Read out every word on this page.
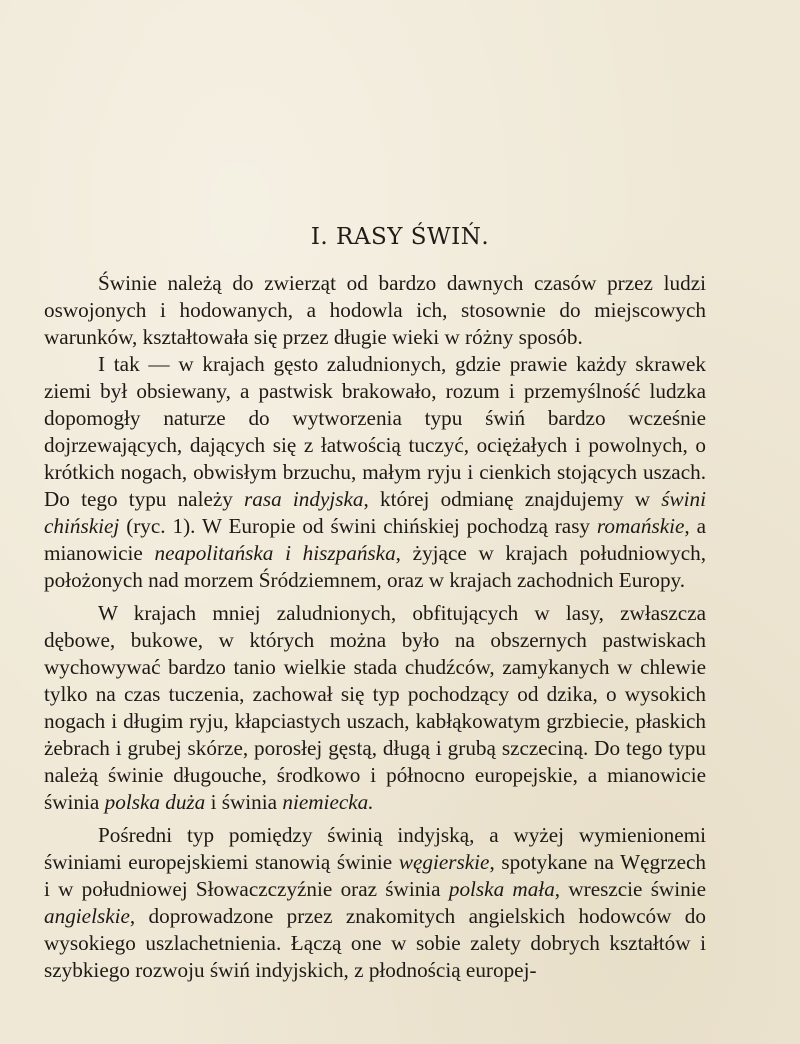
I. RASY ŚWIŃ.

Świnie należą do zwierząt od bardzo dawnych czasów przez ludzi oswojonych i hodowanych, a hodowla ich, stosownie do miejscowych warunków, kształtowała się przez długie wieki w różny sposób.

I tak — w krajach gęsto zaludnionych, gdzie prawie każdy skrawek ziemi był obsiewany, a pastwisk brakowało, rozum i przemyślność ludzka dopomogły naturze do wytworzenia typu świń bardzo wcześnie dojrzewających, dających się z łatwością tuczyć, ociężałych i powolnych, o krótkich nogach, obwisłym brzuchu, małym ryju i cienkich stojących uszach. Do tego typu należy rasa indyjska, której odmianę znajdujemy w świni chińskiej (ryc. 1). W Europie od świni chińskiej pochodzą rasy romańskie, a mianowicie neapolitańska i hiszpańska, żyjące w krajach południowych, położonych nad morzem Śródziemnem, oraz w krajach zachodnich Europy.

W krajach mniej zaludnionych, obfitujących w lasy, zwłaszcza dębowe, bukowe, w których można było na obszernych pastwiskach wychowywać bardzo tanio wielkie stada chudźców, zamykanych w chlewie tylko na czas tuczenia, zachował się typ pochodzący od dzika, o wysokich nogach i długim ryju, kłapciastych uszach, kabłąkowatym grzbiecie, płaskich żebrach i grubej skórze, porosłej gęstą, długą i grubą szczeciną. Do tego typu należą świnie długouche, środkowo i północno europejskie, a mianowicie świnia polska duża i świnia niemiecka.

Pośredni typ pomiędzy świnią indyjską, a wyżej wymienionemi świniami europejskiemi stanowią świnie węgierskie, spotykane na Węgrzech i w południowej Słowaczczyźnie oraz świnia polska mała, wreszcie świnie angielskie, doprowadzone przez znakomitych angielskich hodowców do wysokiego uszlachetnienia. Łączą one w sobie zalety dobrych kształtów i szybkiego rozwoju świń indyjskich, z płodnością europej-
